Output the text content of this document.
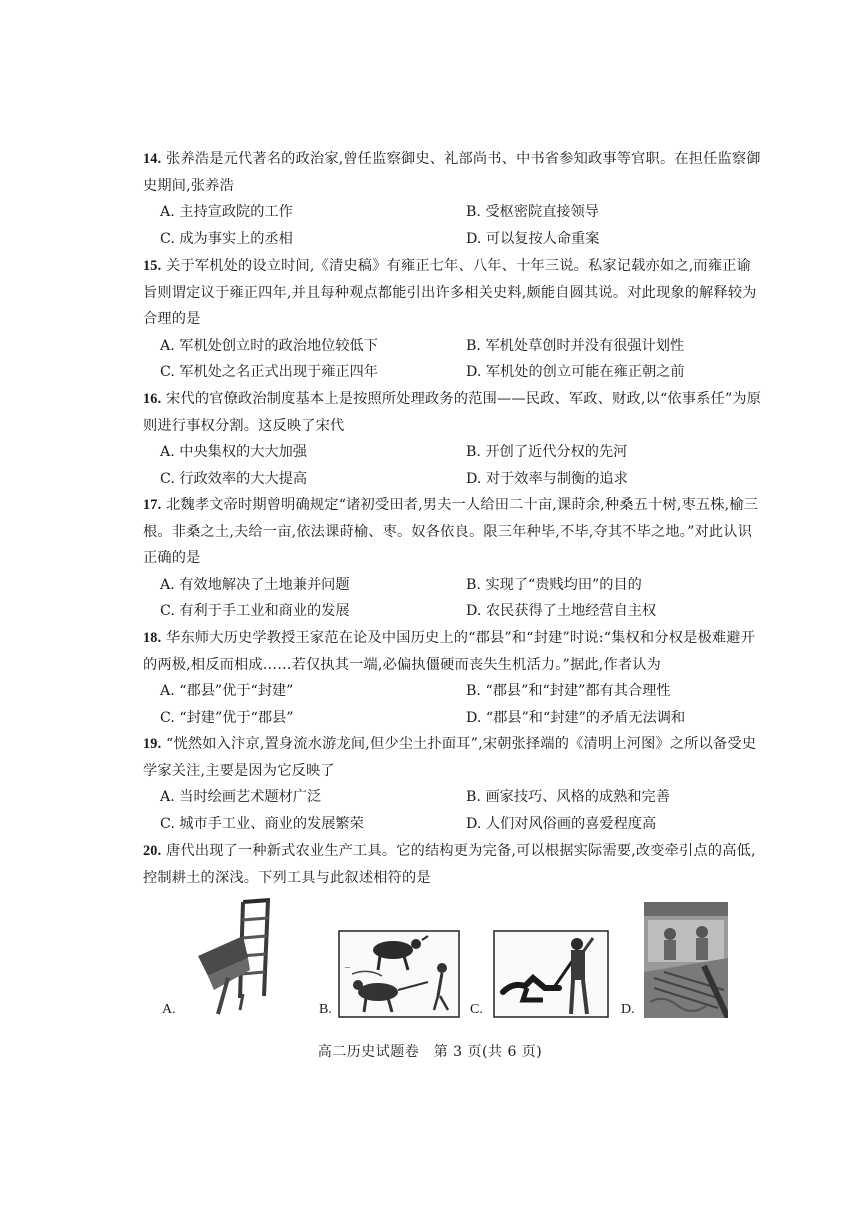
14. 张养浩是元代著名的政治家,曾任监察御史、礼部尚书、中书省参知政事等官职。在担任监察御史期间,张养浩
A. 主持宣政院的工作	B. 受枢密院直接领导
C. 成为事实上的丞相	D. 可以复按人命重案
15. 关于军机处的设立时间,《清史稿》有雍正七年、八年、十年三说。私家记载亦如之,而雍正谕旨则谓定议于雍正四年,并且每种观点都能引出许多相关史料,颇能自圆其说。对此现象的解释较为合理的是
A. 军机处创立时的政治地位较低下	B. 军机处草创时并没有很强计划性
C. 军机处之名正式出现于雍正四年	D. 军机处的创立可能在雍正朝之前
16. 宋代的官僚政治制度基本上是按照所处理政务的范围——民政、军政、财政,以“依事系任”为原则进行事权分割。这反映了宋代
A. 中央集权的大大加强	B. 开创了近代分权的先河
C. 行政效率的大大提高	D. 对于效率与制衡的追求
17. 北魏孝文帝时期曾明确规定“诸初受田者,男夫一人给田二十亩,课莳余,种桑五十树,枣五株,榆三根。非桑之土,夫给一亩,依法课莳榆、枣。奴各依良。限三年种毕,不毕,夺其不毕之地。”对此认识正确的是
A. 有效地解决了土地兼并问题	B. 实现了“贵贱均田”的目的
C. 有利于手工业和商业的发展	D. 农民获得了土地经营自主权
18. 华东师大历史学教授王家范在论及中国历史上的“郡县”和“封建”时说:“集权和分权是极难避开的两极,相反而相成……若仅执其一端,必偏执僵硬而丧失生机活力。”据此,作者认为
A. “郡县”优于“封建”	B. “郡县”和“封建”都有其合理性
C. “封建”优于“郡县”	D. “郡县”和“封建”的矛盾无法调和
19. “恍然如入汴京,置身流水游龙间,但少尘土扑面耳”,宋朝张择端的《清明上河图》之所以备受史学家关注,主要是因为它反映了
A. 当时绘画艺术题材广泛	B. 画家技巧、风格的成熟和完善
C. 城市手工业、商业的发展繁荣	D. 人们对风俗画的喜爱程度高
20. 唐代出现了一种新式农业生产工具。它的结构更为完备,可以根据实际需要,改变牵引点的高低,控制耕土的深浅。下列工具与此叙述相符的是
A.	B.
~
C.	D.
高二历史试题卷　第 3 页(共 6 页)
